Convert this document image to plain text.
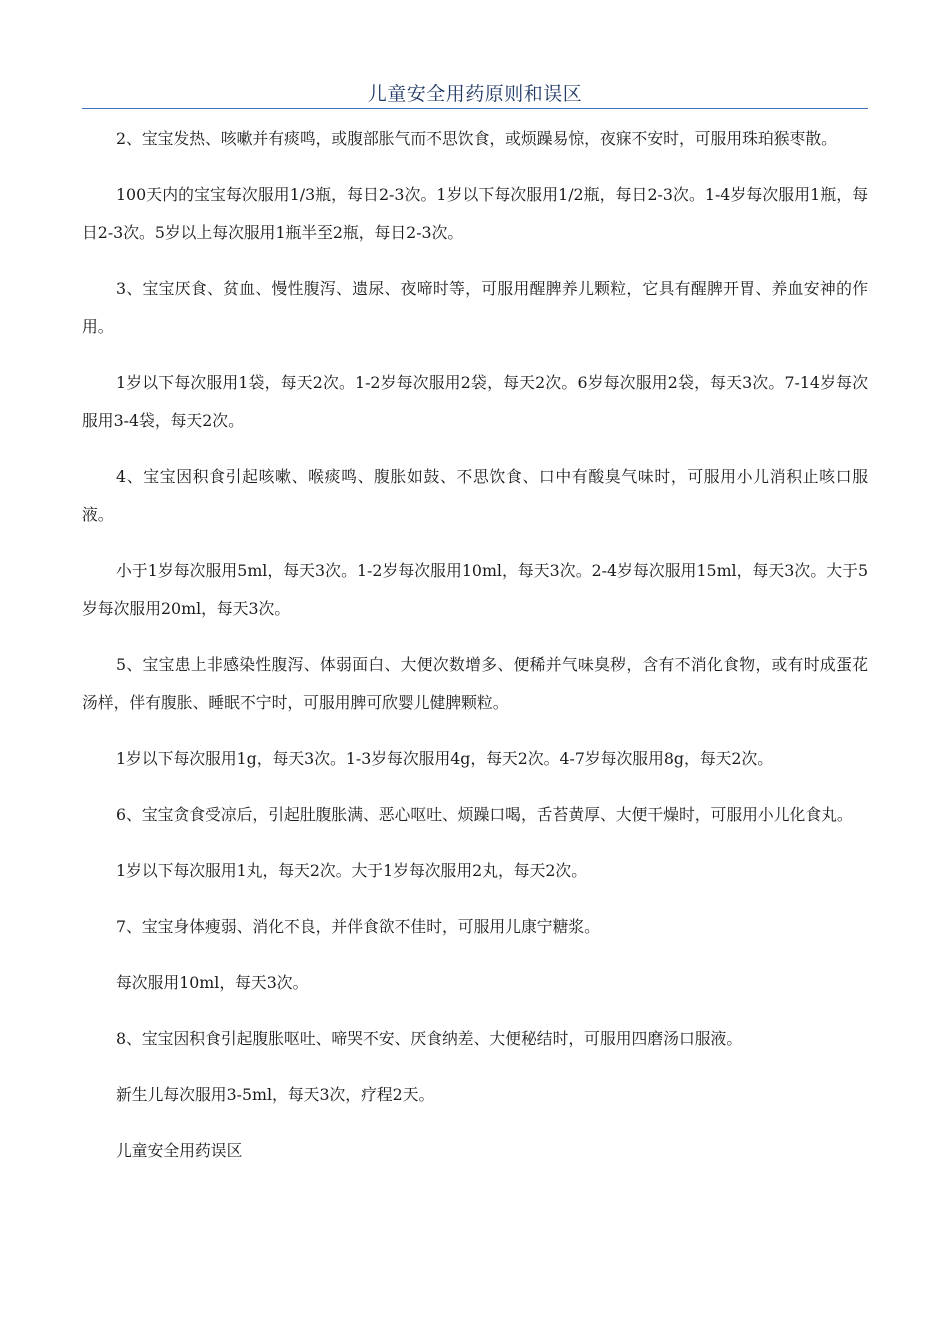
儿童安全用药原则和误区

2、宝宝发热、咳嗽并有痰鸣，或腹部胀气而不思饮食，或烦躁易惊，夜寐不安时，可服用珠珀猴枣散。

100天内的宝宝每次服用1/3瓶，每日2-3次。1岁以下每次服用1/2瓶，每日2-3次。1-4岁每次服用1瓶，每日2-3次。5岁以上每次服用1瓶半至2瓶，每日2-3次。

3、宝宝厌食、贫血、慢性腹泻、遗尿、夜啼时等，可服用醒脾养儿颗粒，它具有醒脾开胃、养血安神的作用。

1岁以下每次服用1袋，每天2次。1-2岁每次服用2袋，每天2次。6岁每次服用2袋，每天3次。7-14岁每次服用3-4袋，每天2次。

4、宝宝因积食引起咳嗽、喉痰鸣、腹胀如鼓、不思饮食、口中有酸臭气味时，可服用小儿消积止咳口服液。

小于1岁每次服用5ml，每天3次。1-2岁每次服用10ml，每天3次。2-4岁每次服用15ml，每天3次。大于5岁每次服用20ml，每天3次。

5、宝宝患上非感染性腹泻、体弱面白、大便次数增多、便稀并气味臭秽，含有不消化食物，或有时成蛋花汤样，伴有腹胀、睡眠不宁时，可服用脾可欣婴儿健脾颗粒。

1岁以下每次服用1g，每天3次。1-3岁每次服用4g，每天2次。4-7岁每次服用8g，每天2次。

6、宝宝贪食受凉后，引起肚腹胀满、恶心呕吐、烦躁口喝，舌苔黄厚、大便干燥时，可服用小儿化食丸。

1岁以下每次服用1丸，每天2次。大于1岁每次服用2丸，每天2次。

7、宝宝身体瘦弱、消化不良，并伴食欲不佳时，可服用儿康宁糖浆。

每次服用10ml，每天3次。

8、宝宝因积食引起腹胀呕吐、啼哭不安、厌食纳差、大便秘结时，可服用四磨汤口服液。

新生儿每次服用3-5ml，每天3次，疗程2天。

儿童安全用药误区
